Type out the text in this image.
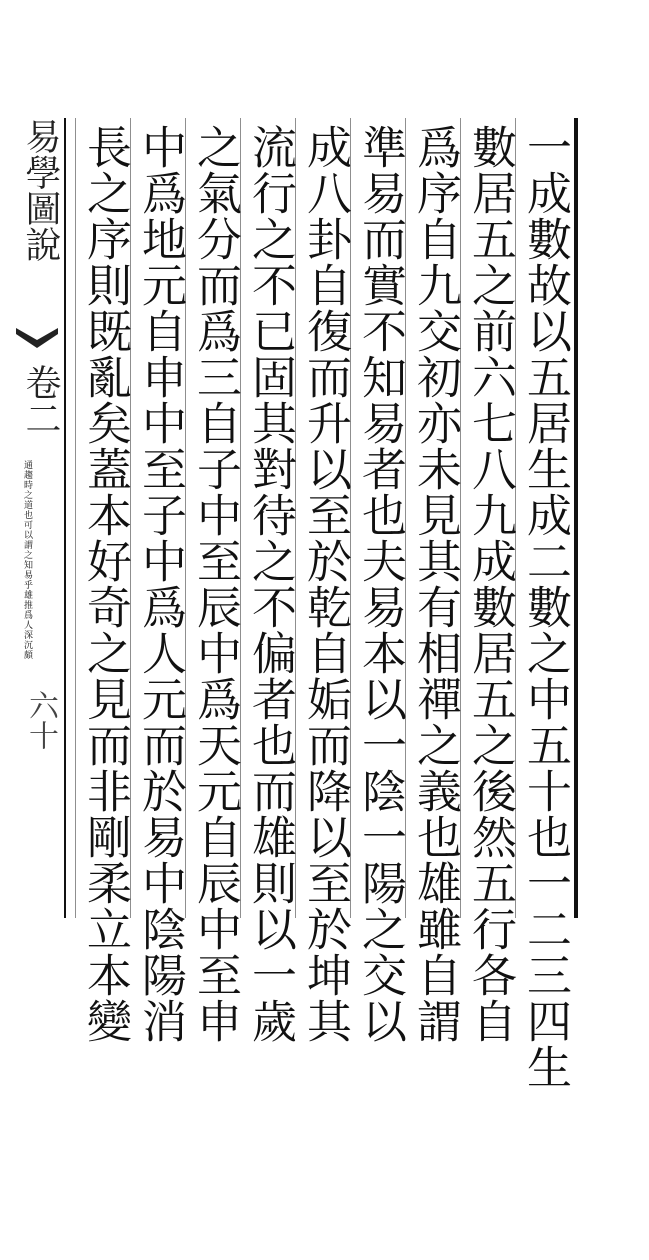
一成數故以五居生成二數之中五十也一二三四生
數居五之前六七八九成數居五之後然五行各自
爲序自九交初亦未見其有相禪之義也雄雖自謂
準易而實不知易者也夫易本以一陰一陽之交以
成八卦自復而升以至於乾自姤而降以至於坤其
流行之不已固其對待之不偏者也而雄則以一歲
之氣分而爲三自子中至辰中爲天元自辰中至申
中爲地元自申中至子中爲人元而於易中陰陽消
長之序則既亂矣蓋本好奇之見而非剛柔立本變
通趨時之道也可以謂之知易乎雄推爲人深沉頗
易學圖說
卷二
六十
